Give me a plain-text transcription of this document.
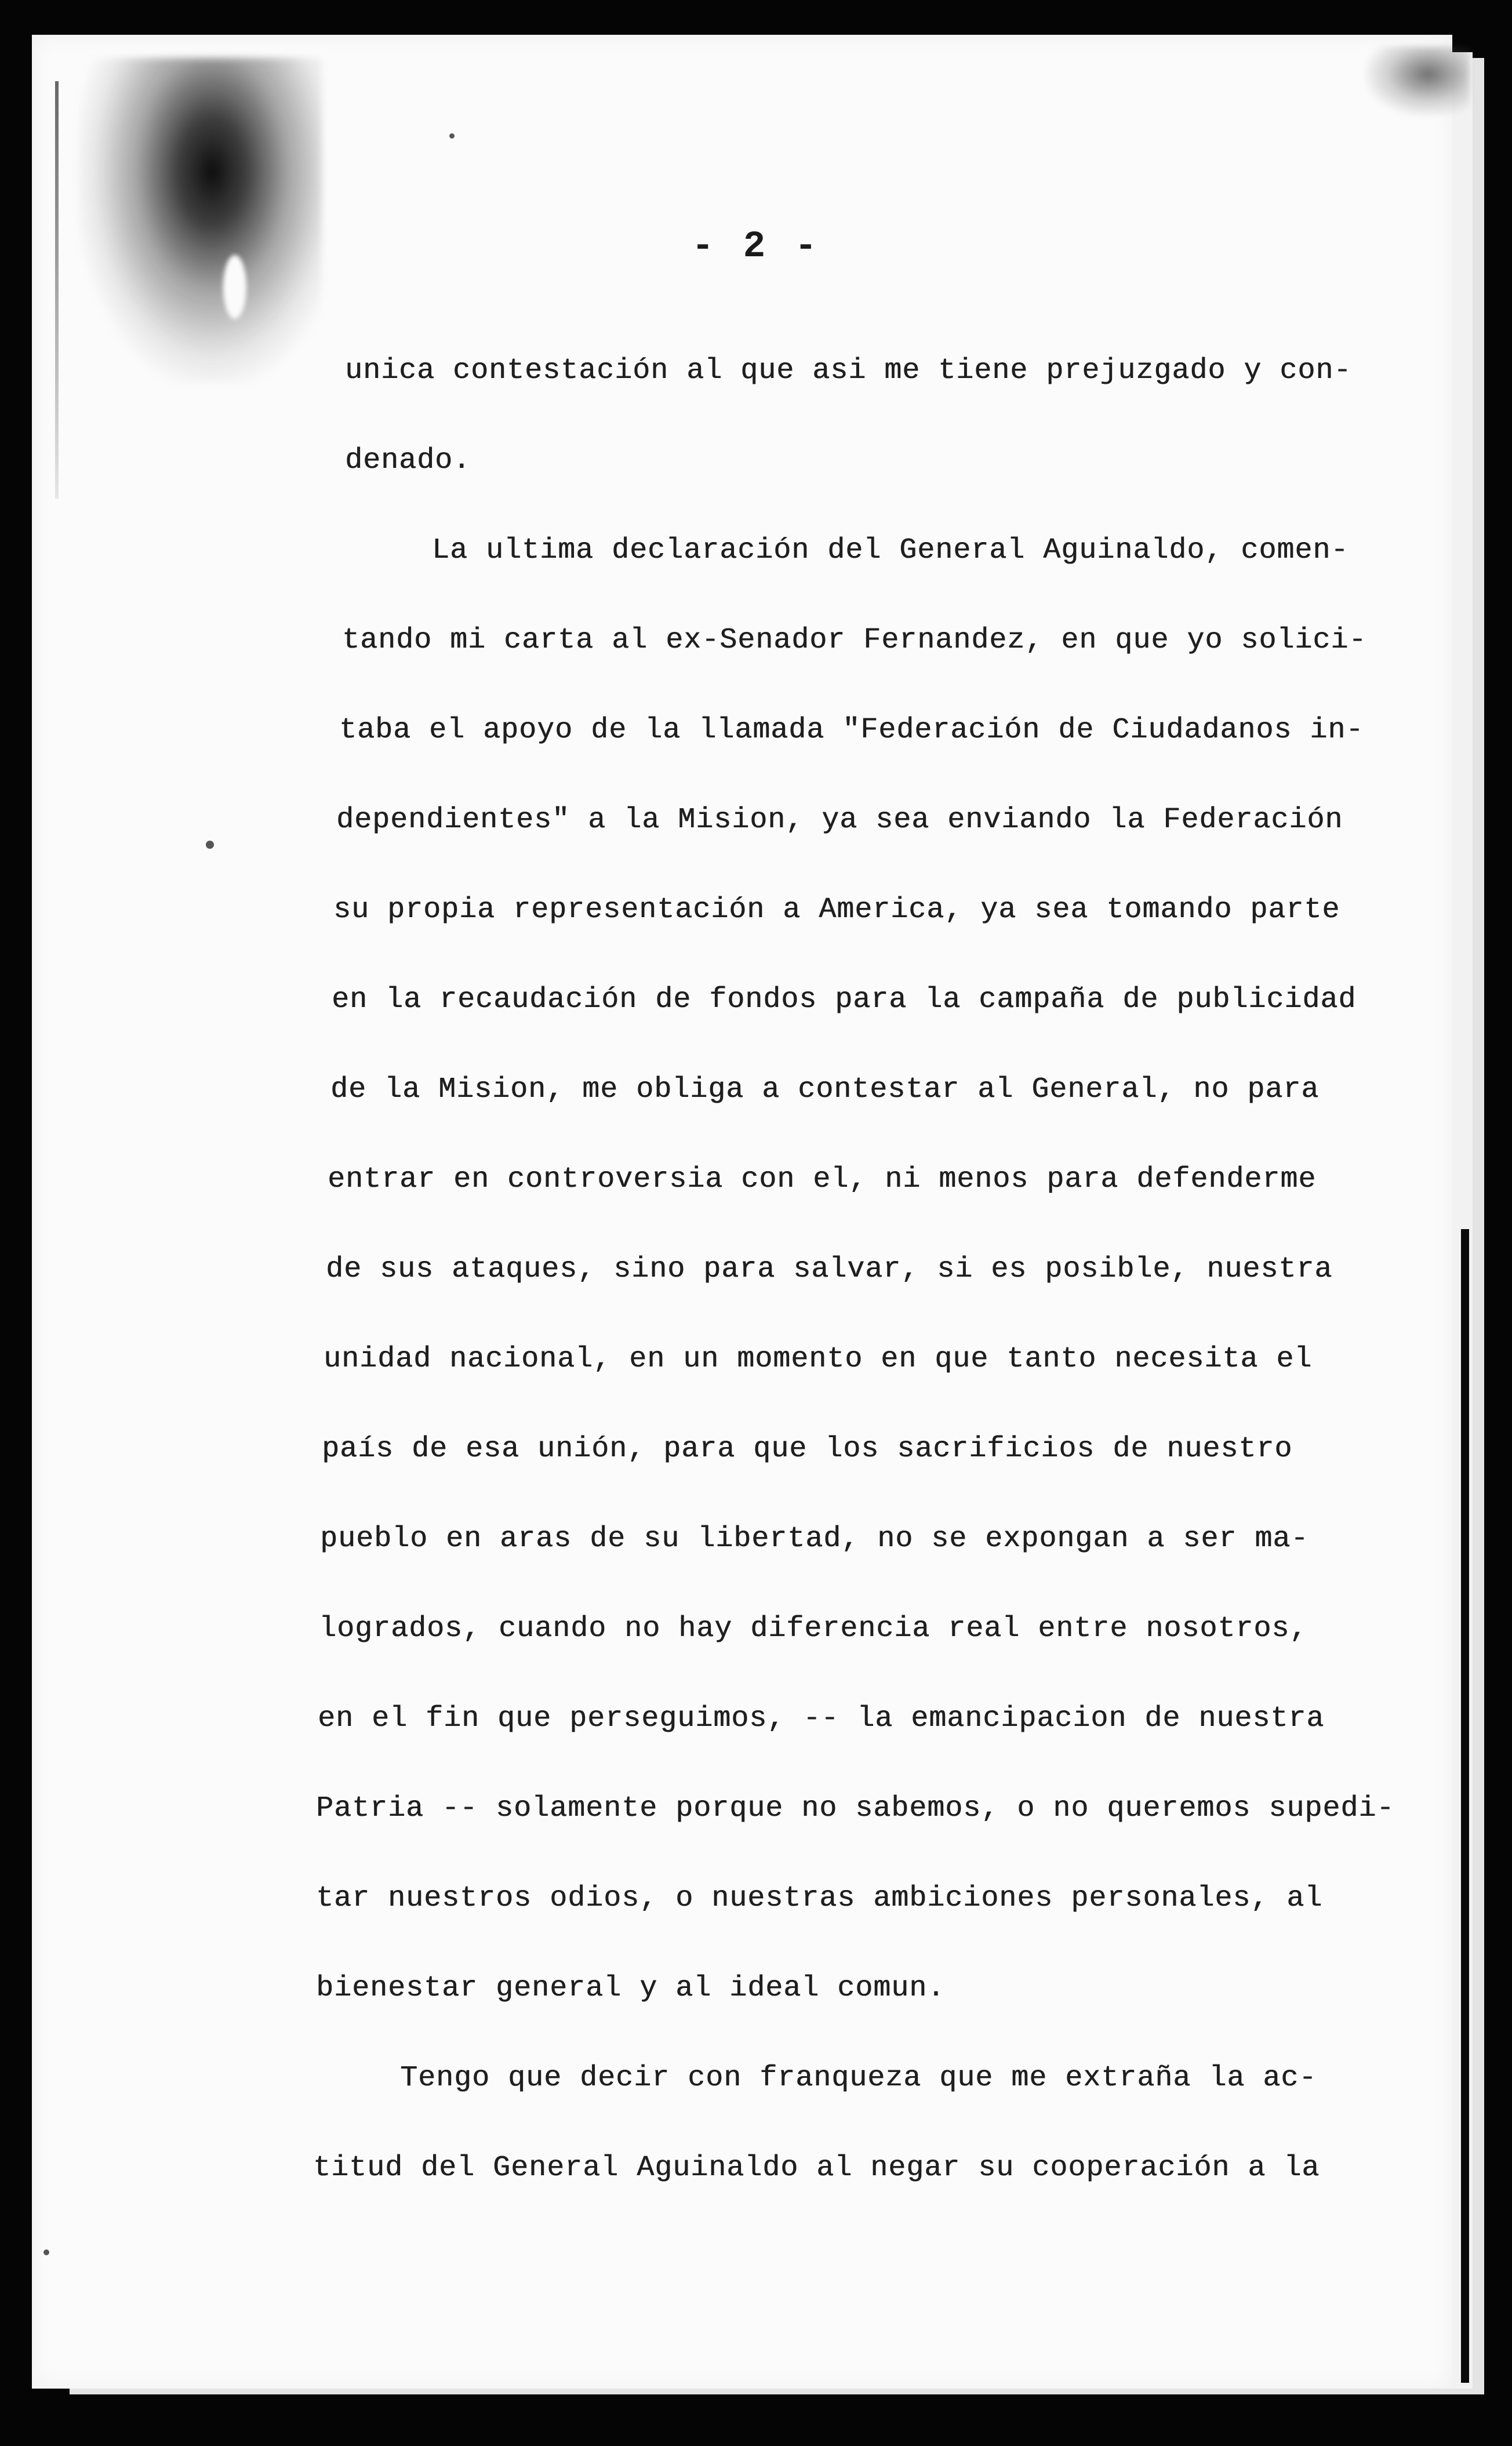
- 2 -
unica contestación al que asi me tiene prejuzgado y con-
denado.
La ultima declaración del General Aguinaldo, comen-
tando mi carta al ex-Senador Fernandez, en que yo solici-
taba el apoyo de la llamada "Federación de Ciudadanos in-
dependientes" a la Mision, ya sea enviando la Federación
su propia representación a America, ya sea tomando parte
en la recaudación de fondos para la campaña de publicidad
de la Mision, me obliga a contestar al General, no para
entrar en controversia con el, ni menos para defenderme
de sus ataques, sino para salvar, si es posible, nuestra
unidad nacional, en un momento en que tanto necesita el
país de esa unión, para que los sacrificios de nuestro
pueblo en aras de su libertad, no se expongan a ser ma-
logrados, cuando no hay diferencia real entre nosotros,
en el fin que perseguimos, -- la emancipacion de nuestra
Patria -- solamente porque no sabemos, o no queremos supedi-
tar nuestros odios, o nuestras ambiciones personales, al
bienestar general y al ideal comun.
Tengo que decir con franqueza que me extraña la ac-
titud del General Aguinaldo al negar su cooperación a la
